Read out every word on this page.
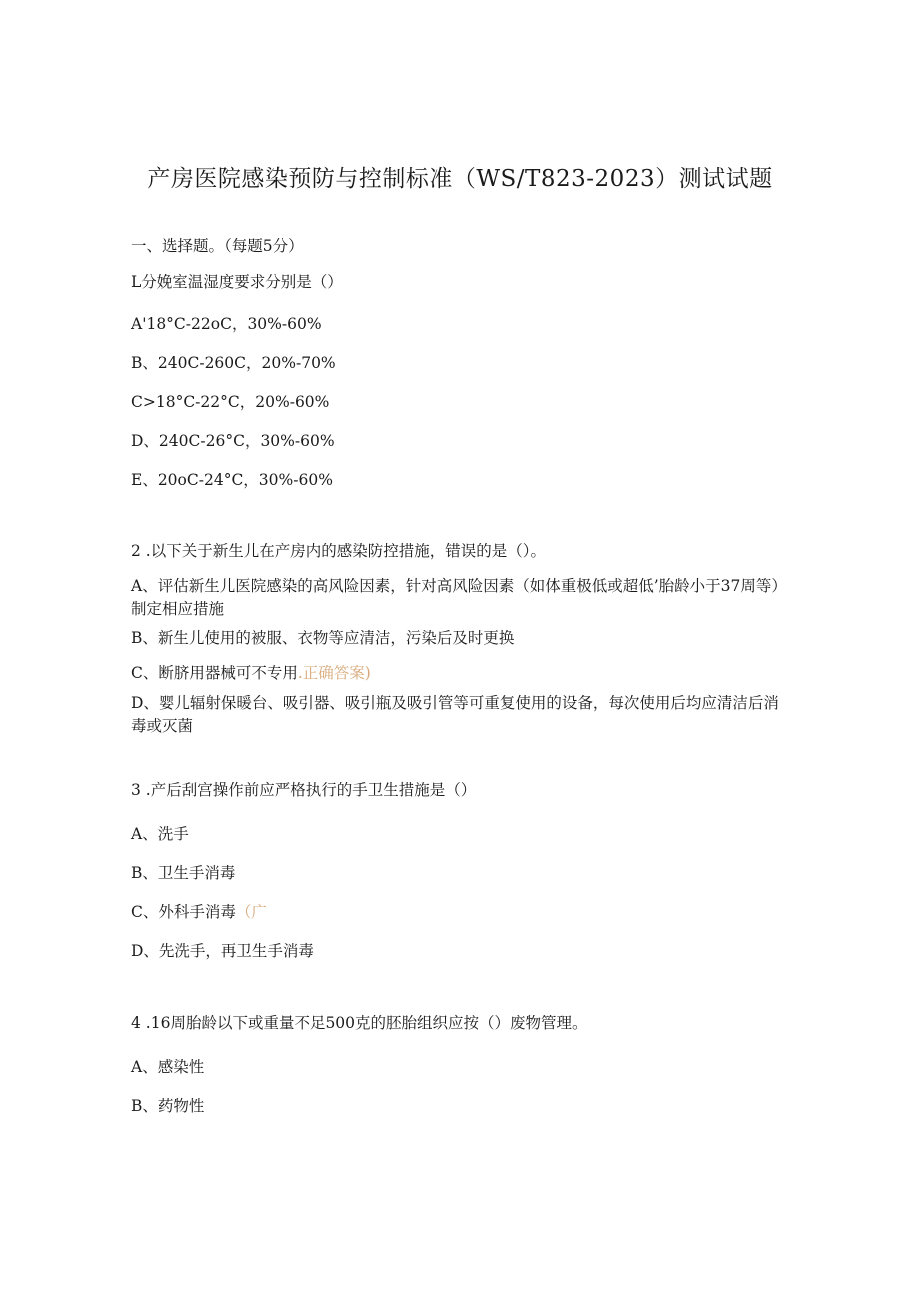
产房医院感染预防与控制标准（WS/T823-2023）测试试题

一、选择题。（每题5分）

L分娩室温湿度要求分别是（）

A'18°C-22oC，30%-60%

B、240C-260C，20%-70%

C>18°C-22°C，20%-60%

D、240C-26°C，30%-60%

E、20oC-24°C，30%-60%

2 .以下关于新生儿在产房内的感染防控措施，错误的是（）。

A、评估新生儿医院感染的高风险因素，针对高风险因素（如体重极低或超低’胎龄小于37周等）制定相应措施

B、新生儿使用的被服、衣物等应清洁，污染后及时更换

C、断脐用器械可不专用.正确答案)

D、婴儿辐射保暖台、吸引器、吸引瓶及吸引管等可重复使用的设备，每次使用后均应清洁后消毒或灭菌

3 .产后刮宫操作前应严格执行的手卫生措施是（）

A、洗手

B、卫生手消毒

C、外科手消毒（广

D、先洗手，再卫生手消毒

4 .16周胎龄以下或重量不足500克的胚胎组织应按（）废物管理。

A、感染性

B、药物性
